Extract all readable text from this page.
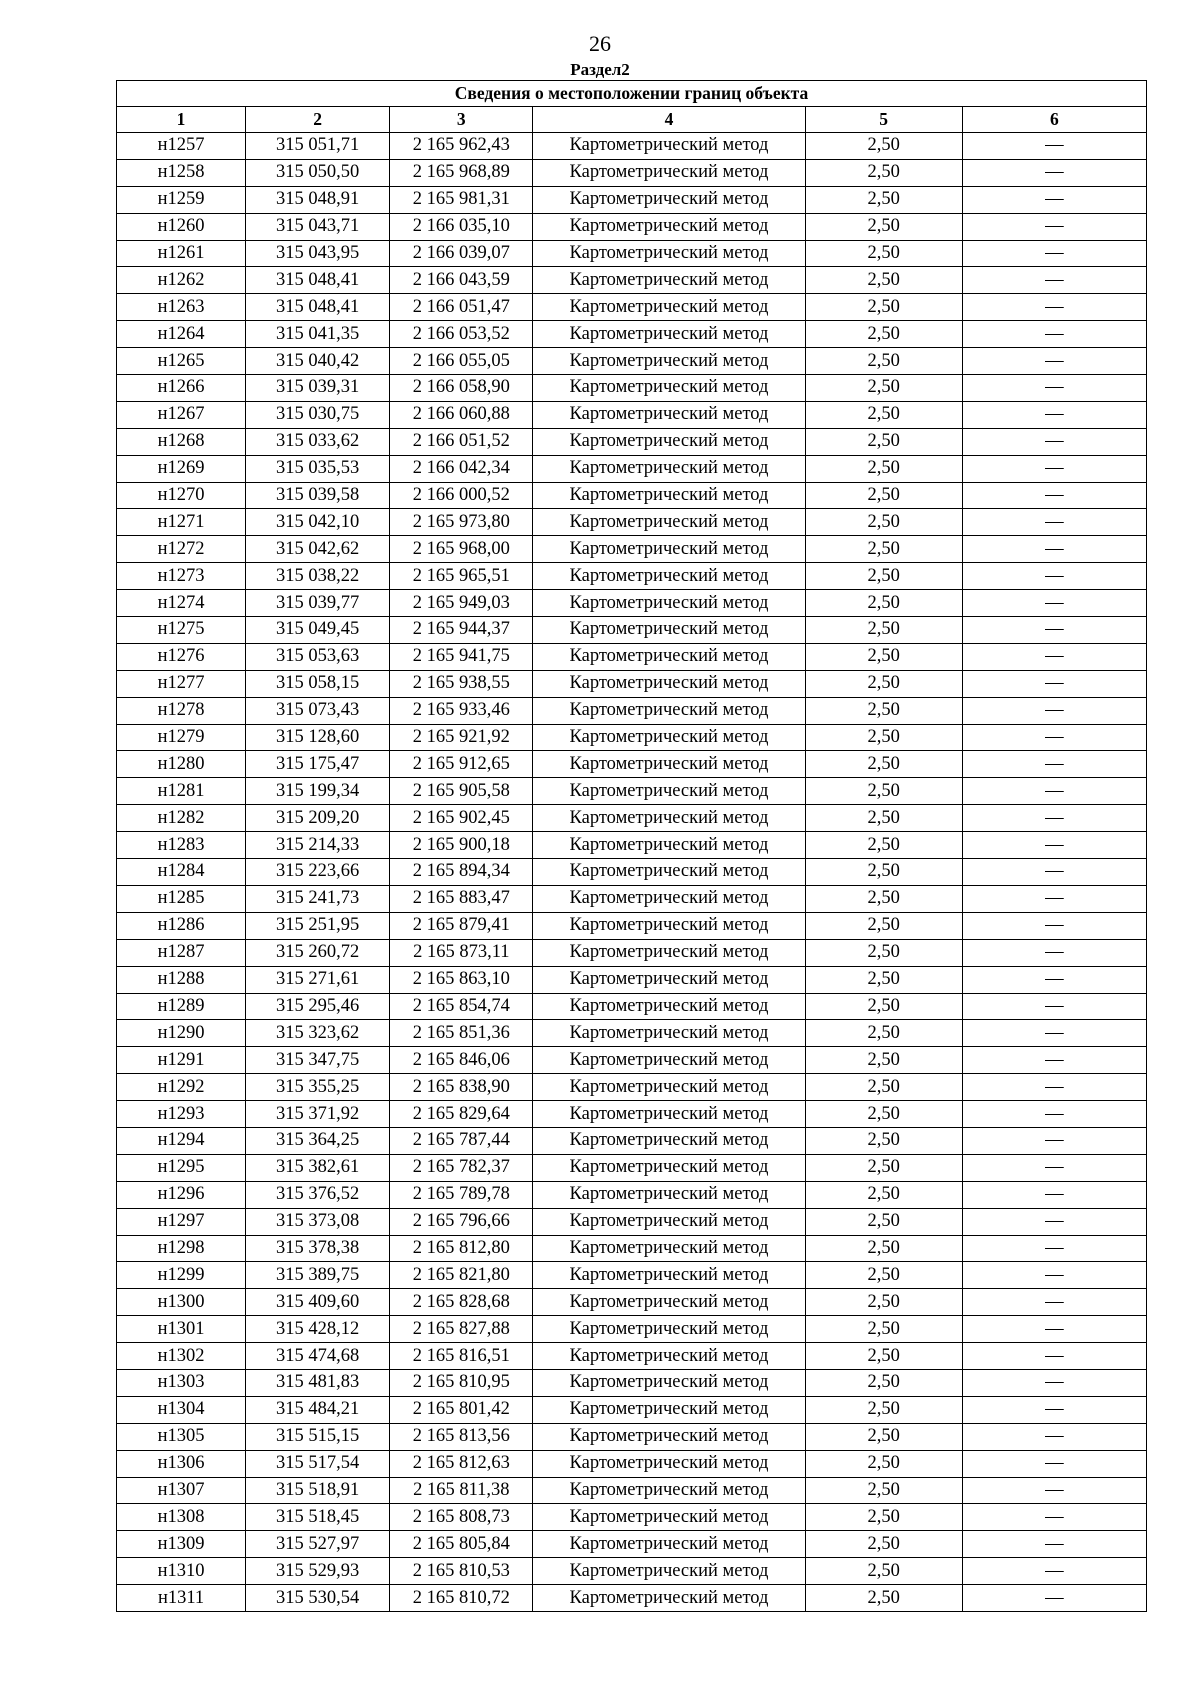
26
Раздел2
Сведения о местоположении границ объекта					
1	2	3	4	5	6
н1257	315 051,71	2 165 962,43	Картометрический метод	2,50	—
н1258	315 050,50	2 165 968,89	Картометрический метод	2,50	—
н1259	315 048,91	2 165 981,31	Картометрический метод	2,50	—
н1260	315 043,71	2 166 035,10	Картометрический метод	2,50	—
н1261	315 043,95	2 166 039,07	Картометрический метод	2,50	—
н1262	315 048,41	2 166 043,59	Картометрический метод	2,50	—
н1263	315 048,41	2 166 051,47	Картометрический метод	2,50	—
н1264	315 041,35	2 166 053,52	Картометрический метод	2,50	—
н1265	315 040,42	2 166 055,05	Картометрический метод	2,50	—
н1266	315 039,31	2 166 058,90	Картометрический метод	2,50	—
н1267	315 030,75	2 166 060,88	Картометрический метод	2,50	—
н1268	315 033,62	2 166 051,52	Картометрический метод	2,50	—
н1269	315 035,53	2 166 042,34	Картометрический метод	2,50	—
н1270	315 039,58	2 166 000,52	Картометрический метод	2,50	—
н1271	315 042,10	2 165 973,80	Картометрический метод	2,50	—
н1272	315 042,62	2 165 968,00	Картометрический метод	2,50	—
н1273	315 038,22	2 165 965,51	Картометрический метод	2,50	—
н1274	315 039,77	2 165 949,03	Картометрический метод	2,50	—
н1275	315 049,45	2 165 944,37	Картометрический метод	2,50	—
н1276	315 053,63	2 165 941,75	Картометрический метод	2,50	—
н1277	315 058,15	2 165 938,55	Картометрический метод	2,50	—
н1278	315 073,43	2 165 933,46	Картометрический метод	2,50	—
н1279	315 128,60	2 165 921,92	Картометрический метод	2,50	—
н1280	315 175,47	2 165 912,65	Картометрический метод	2,50	—
н1281	315 199,34	2 165 905,58	Картометрический метод	2,50	—
н1282	315 209,20	2 165 902,45	Картометрический метод	2,50	—
н1283	315 214,33	2 165 900,18	Картометрический метод	2,50	—
н1284	315 223,66	2 165 894,34	Картометрический метод	2,50	—
н1285	315 241,73	2 165 883,47	Картометрический метод	2,50	—
н1286	315 251,95	2 165 879,41	Картометрический метод	2,50	—
н1287	315 260,72	2 165 873,11	Картометрический метод	2,50	—
н1288	315 271,61	2 165 863,10	Картометрический метод	2,50	—
н1289	315 295,46	2 165 854,74	Картометрический метод	2,50	—
н1290	315 323,62	2 165 851,36	Картометрический метод	2,50	—
н1291	315 347,75	2 165 846,06	Картометрический метод	2,50	—
н1292	315 355,25	2 165 838,90	Картометрический метод	2,50	—
н1293	315 371,92	2 165 829,64	Картометрический метод	2,50	—
н1294	315 364,25	2 165 787,44	Картометрический метод	2,50	—
н1295	315 382,61	2 165 782,37	Картометрический метод	2,50	—
н1296	315 376,52	2 165 789,78	Картометрический метод	2,50	—
н1297	315 373,08	2 165 796,66	Картометрический метод	2,50	—
н1298	315 378,38	2 165 812,80	Картометрический метод	2,50	—
н1299	315 389,75	2 165 821,80	Картометрический метод	2,50	—
н1300	315 409,60	2 165 828,68	Картометрический метод	2,50	—
н1301	315 428,12	2 165 827,88	Картометрический метод	2,50	—
н1302	315 474,68	2 165 816,51	Картометрический метод	2,50	—
н1303	315 481,83	2 165 810,95	Картометрический метод	2,50	—
н1304	315 484,21	2 165 801,42	Картометрический метод	2,50	—
н1305	315 515,15	2 165 813,56	Картометрический метод	2,50	—
н1306	315 517,54	2 165 812,63	Картометрический метод	2,50	—
н1307	315 518,91	2 165 811,38	Картометрический метод	2,50	—
н1308	315 518,45	2 165 808,73	Картометрический метод	2,50	—
н1309	315 527,97	2 165 805,84	Картометрический метод	2,50	—
н1310	315 529,93	2 165 810,53	Картометрический метод	2,50	—
н1311	315 530,54	2 165 810,72	Картометрический метод	2,50	—
